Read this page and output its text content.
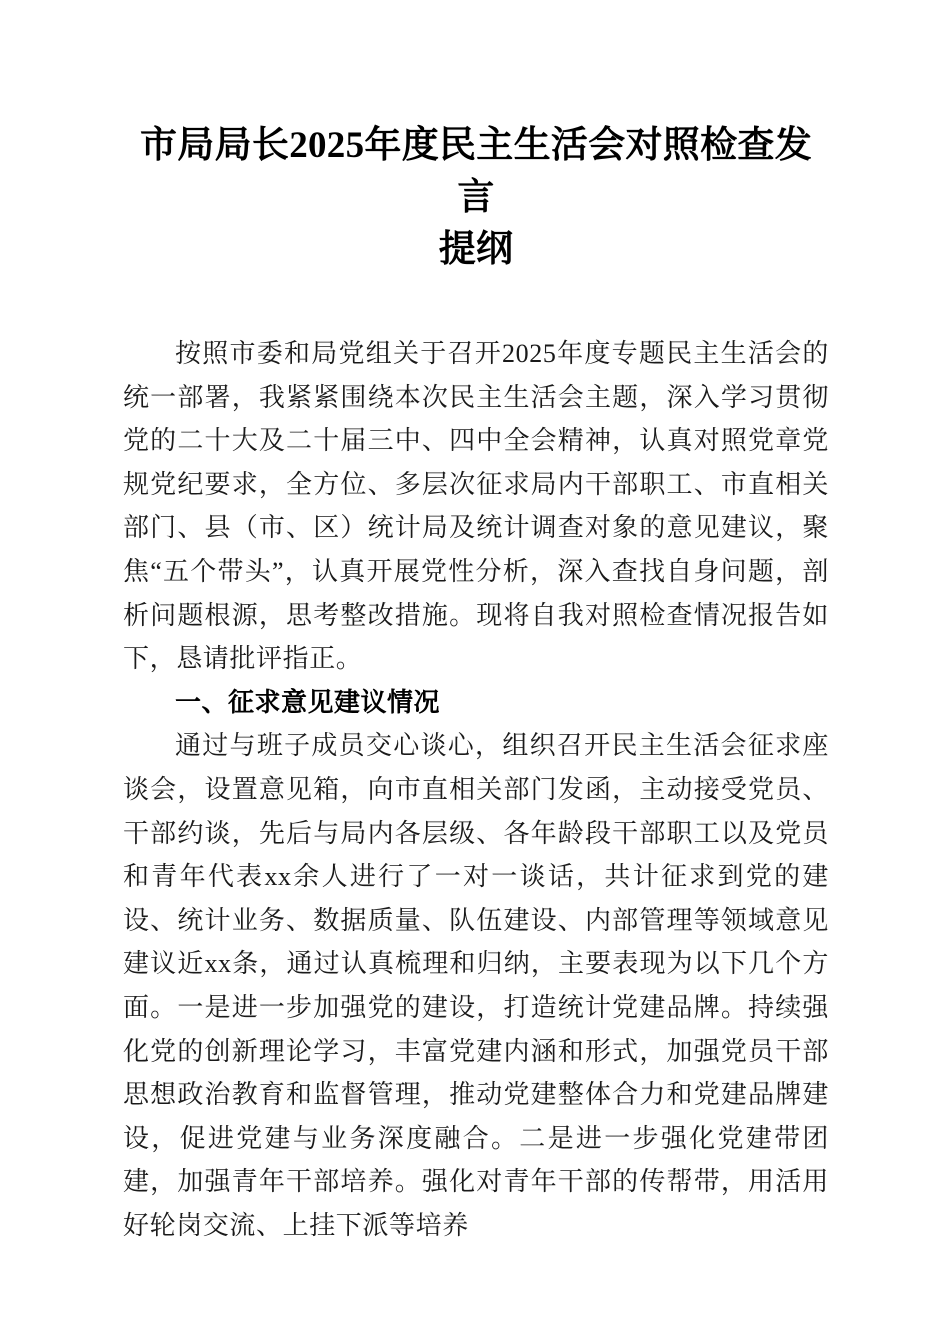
市局局长2025年度民主生活会对照检查发言
提纲

按照市委和局党组关于召开2025年度专题民主生活会的统一部署，我紧紧围绕本次民主生活会主题，深入学习贯彻党的二十大及二十届三中、四中全会精神，认真对照党章党规党纪要求，全方位、多层次征求局内干部职工、市直相关部门、县（市、区）统计局及统计调查对象的意见建议，聚焦“五个带头”，认真开展党性分析，深入查找自身问题，剖析问题根源，思考整改措施。现将自我对照检查情况报告如下，恳请批评指正。

一、征求意见建议情况

通过与班子成员交心谈心，组织召开民主生活会征求座谈会，设置意见箱，向市直相关部门发函，主动接受党员、干部约谈，先后与局内各层级、各年龄段干部职工以及党员和青年代表xx余人进行了一对一谈话，共计征求到党的建设、统计业务、数据质量、队伍建设、内部管理等领域意见建议近xx条，通过认真梳理和归纳，主要表现为以下几个方面。一是进一步加强党的建设，打造统计党建品牌。持续强化党的创新理论学习，丰富党建内涵和形式，加强党员干部思想政治教育和监督管理，推动党建整体合力和党建品牌建设，促进党建与业务深度融合。二是进一步强化党建带团建，加强青年干部培养。强化对青年干部的传帮带，用活用好轮岗交流、上挂下派等培养
